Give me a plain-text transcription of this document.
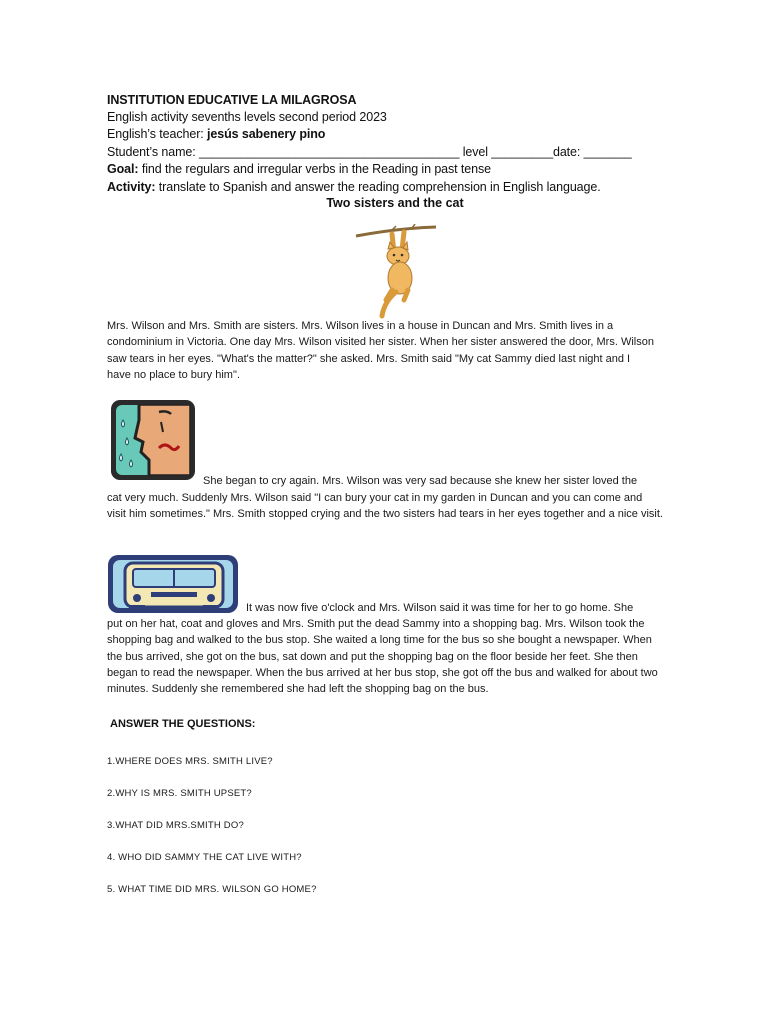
INSTITUTION EDUCATIVE LA MILAGROSA
English activity sevenths levels second period 2023
English’s teacher: jesús sabenery pino
Student’s name: ______________________________________ level _________date: _______
Goal: find the regulars and irregular verbs in the Reading in past tense
Activity: translate to Spanish and answer the reading comprehension in English language.
Two sisters and the cat
Mrs. Wilson and Mrs. Smith are sisters. Mrs. Wilson lives in a house in Duncan and Mrs. Smith lives in a condominium in Victoria. One day Mrs. Wilson visited her sister. When her sister answered the door, Mrs. Wilson saw tears in her eyes. "What's the matter?" she asked. Mrs. Smith said "My cat Sammy died last night and I have no place to bury him".
She began to cry again. Mrs. Wilson was very sad because she knew her sister loved the
cat very much. Suddenly Mrs. Wilson said "I can bury your cat in my garden in Duncan and you can come and visit him sometimes." Mrs. Smith stopped crying and the two sisters had tears in her eyes together and a nice visit.
It was now five o'clock and Mrs. Wilson said it was time for her to go home. She
put on her hat, coat and gloves and Mrs. Smith put the dead Sammy into a shopping bag. Mrs. Wilson took the shopping bag and walked to the bus stop. She waited a long time for the bus so she bought a newspaper. When the bus arrived, she got on the bus, sat down and put the shopping bag on the floor beside her feet. She then began to read the newspaper. When the bus arrived at her bus stop, she got off the bus and walked for about two minutes. Suddenly she remembered she had left the shopping bag on the bus.
ANSWER THE QUESTIONS:
1.WHERE DOES MRS. SMITH LIVE?
2.WHY IS MRS. SMITH UPSET?
3.WHAT DID MRS.SMITH DO?
4. WHO DID SAMMY THE CAT LIVE WITH?
5. WHAT TIME DID MRS. WILSON GO HOME?
